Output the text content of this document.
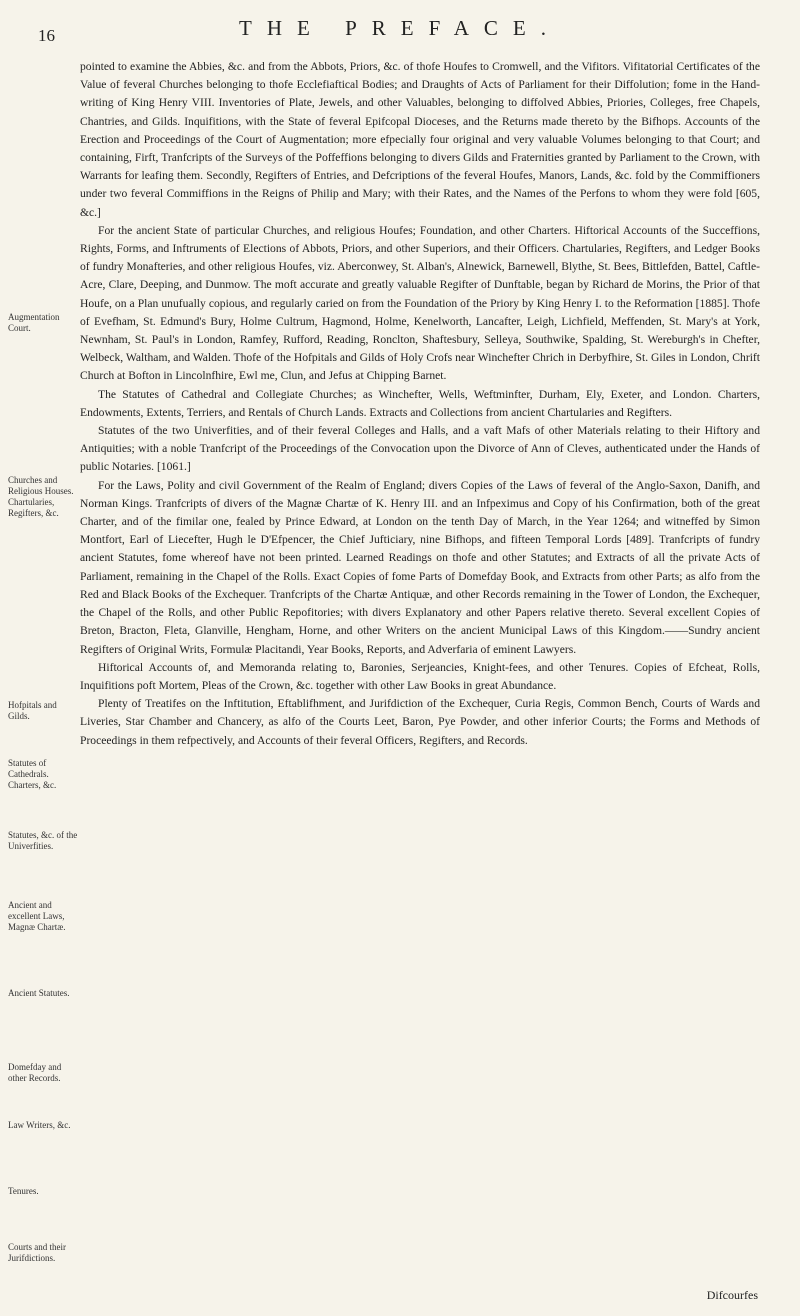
16	THE PREFACE.
Augmentation Court.
Churches and Religious Houses. Chartularies, Regifters, &c.
Hofpitals and Gilds.
Statutes of Cathedrals. Charters, &c.
Statutes, &c. of the Univerfities.
Ancient and excellent Laws, Magnæ Chartæ.
Ancient Statutes.
Domefday and other Records.
Law Writers, &c.
Tenures.
Courts and their Jurifdictions.

pointed to examine the Abbies, &c. and from the Abbots, Priors, &c. of thofe Houfes to Cromwell, and the Vifitors. Vifitatorial Certificates of the Value of feveral Churches belonging to thofe Ecclefiaftical Bodies; and Draughts of Acts of Parliament for their Diffolution; fome in the Hand-writing of King Henry VIII. Inventories of Plate, Jewels, and other Valuables, belonging to diffolved Abbies, Priories, Colleges, free Chapels, Chantries, and Gilds. Inquifitions, with the State of feveral Epifcopal Dioceses, and the Returns made thereto by the Bifhops. Accounts of the Erection and Proceedings of the Court of Augmentation; more efpecially four original and very valuable Volumes belonging to that Court; and containing, Firft, Tranfcripts of the Surveys of the Poffeffions belonging to divers Gilds and Fraternities granted by Parliament to the Crown, with Warrants for leafing them. Secondly, Regifters of Entries, and Defcriptions of the feveral Houfes, Manors, Lands, &c. fold by the Commiffioners under two feveral Commiffions in the Reigns of Philip and Mary; with their Rates, and the Names of the Perfons to whom they were fold [605, &c.]

For the ancient State of particular Churches, and religious Houfes; Foundation, and other Charters. Hiftorical Accounts of the Succeffions, Rights, Forms, and Inftruments of Elections of Abbots, Priors, and other Superiors, and their Officers. Chartularies, Regifters, and Ledger Books of fundry Monafteries, and other religious Houfes, viz. Aberconwey, St. Alban's, Alnewick, Barnewell, Blythe, St. Bees, Bittlefden, Battel, Caftle-Acre, Clare, Deeping, and Dunmow. The moft accurate and greatly valuable Regifter of Dunftable, began by Richard de Morins, the Prior of that Houfe, on a Plan unufually copious, and regularly caried on from the Foundation of the Priory by King Henry I. to the Reformation [1885]. Thofe of Evefham, St. Edmund's Bury, Holme Cultrum, Hagmond, Holme, Kenelworth, Lancafter, Leigh, Lichfield, Meffenden, St. Mary's at York, Newnham, St. Paul's in London, Ramfey, Rufford, Reading, Ronclton, Shaftesbury, Selleya, Southwike, Spalding, St. Wereburgh's in Chefter, Welbeck, Waltham, and Walden. Thofe of the Hofpitals and Gilds of Holy Crofs near Winchefter Chrich in Derbyfhire, St. Giles in London, Chrift Church at Bofton in Lincolnfhire, Ewl me, Clun, and Jefus at Chipping Barnet.

The Statutes of Cathedral and Collegiate Churches; as Winchefter, Wells, Weftminfter, Durham, Ely, Exeter, and London. Charters, Endowments, Extents, Terriers, and Rentals of Church Lands. Extracts and Collections from ancient Chartularies and Regifters.

Statutes of the two Univerfities, and of their feveral Colleges and Halls, and a vaft Mafs of other Materials relating to their Hiftory and Antiquities; with a noble Tranfcript of the Proceedings of the Convocation upon the Divorce of Ann of Cleves, authenticated under the Hands of public Notaries. [1061.]

For the Laws, Polity and civil Government of the Realm of England; divers Copies of the Laws of feveral of the Anglo-Saxon, Danifh, and Norman Kings. Tranfcripts of divers of the Magnæ Chartæ of K. Henry III. and an Infpeximus and Copy of his Confirmation, both of the great Charter, and of the fimilar one, fealed by Prince Edward, at London on the tenth Day of March, in the Year 1264; and witneffed by Simon Montfort, Earl of Liecefter, Hugh le D'Efpencer, the Chief Jufticiary, nine Bifhops, and fifteen Temporal Lords [489]. Tranfcripts of fundry ancient Statutes, fome whereof have not been printed. Learned Readings on thofe and other Statutes; and Extracts of all the private Acts of Parliament, remaining in the Chapel of the Rolls. Exact Copies of fome Parts of Domefday Book, and Extracts from other Parts; as alfo from the Red and Black Books of the Exchequer. Tranfcripts of the Chartæ Antiquæ, and other Records remaining in the Tower of London, the Exchequer, the Chapel of the Rolls, and other Public Repofitories; with divers Explanatory and other Papers relative thereto. Several excellent Copies of Breton, Bracton, Fleta, Glanville, Hengham, Horne, and other Writers on the ancient Municipal Laws of this Kingdom.——Sundry ancient Regifters of Original Writs, Formulæ Placitandi, Year Books, Reports, and Adverfaria of eminent Lawyers.

Hiftorical Accounts of, and Memoranda relating to, Baronies, Serjeancies, Knight-fees, and other Tenures. Copies of Efcheat, Rolls, Inquifitions poft Mortem, Pleas of the Crown, &c. together with other Law Books in great Abundance.

Plenty of Treatifes on the Inftitution, Eftablifhment, and Jurifdiction of the Exchequer, Curia Regis, Common Bench, Courts of Wards and Liveries, Star Chamber and Chancery, as alfo of the Courts Leet, Baron, Pye Powder, and other inferior Courts; the Forms and Methods of Proceedings in them refpectively, and Accounts of their feveral Officers, Regifters, and Records.

Difcourfes
